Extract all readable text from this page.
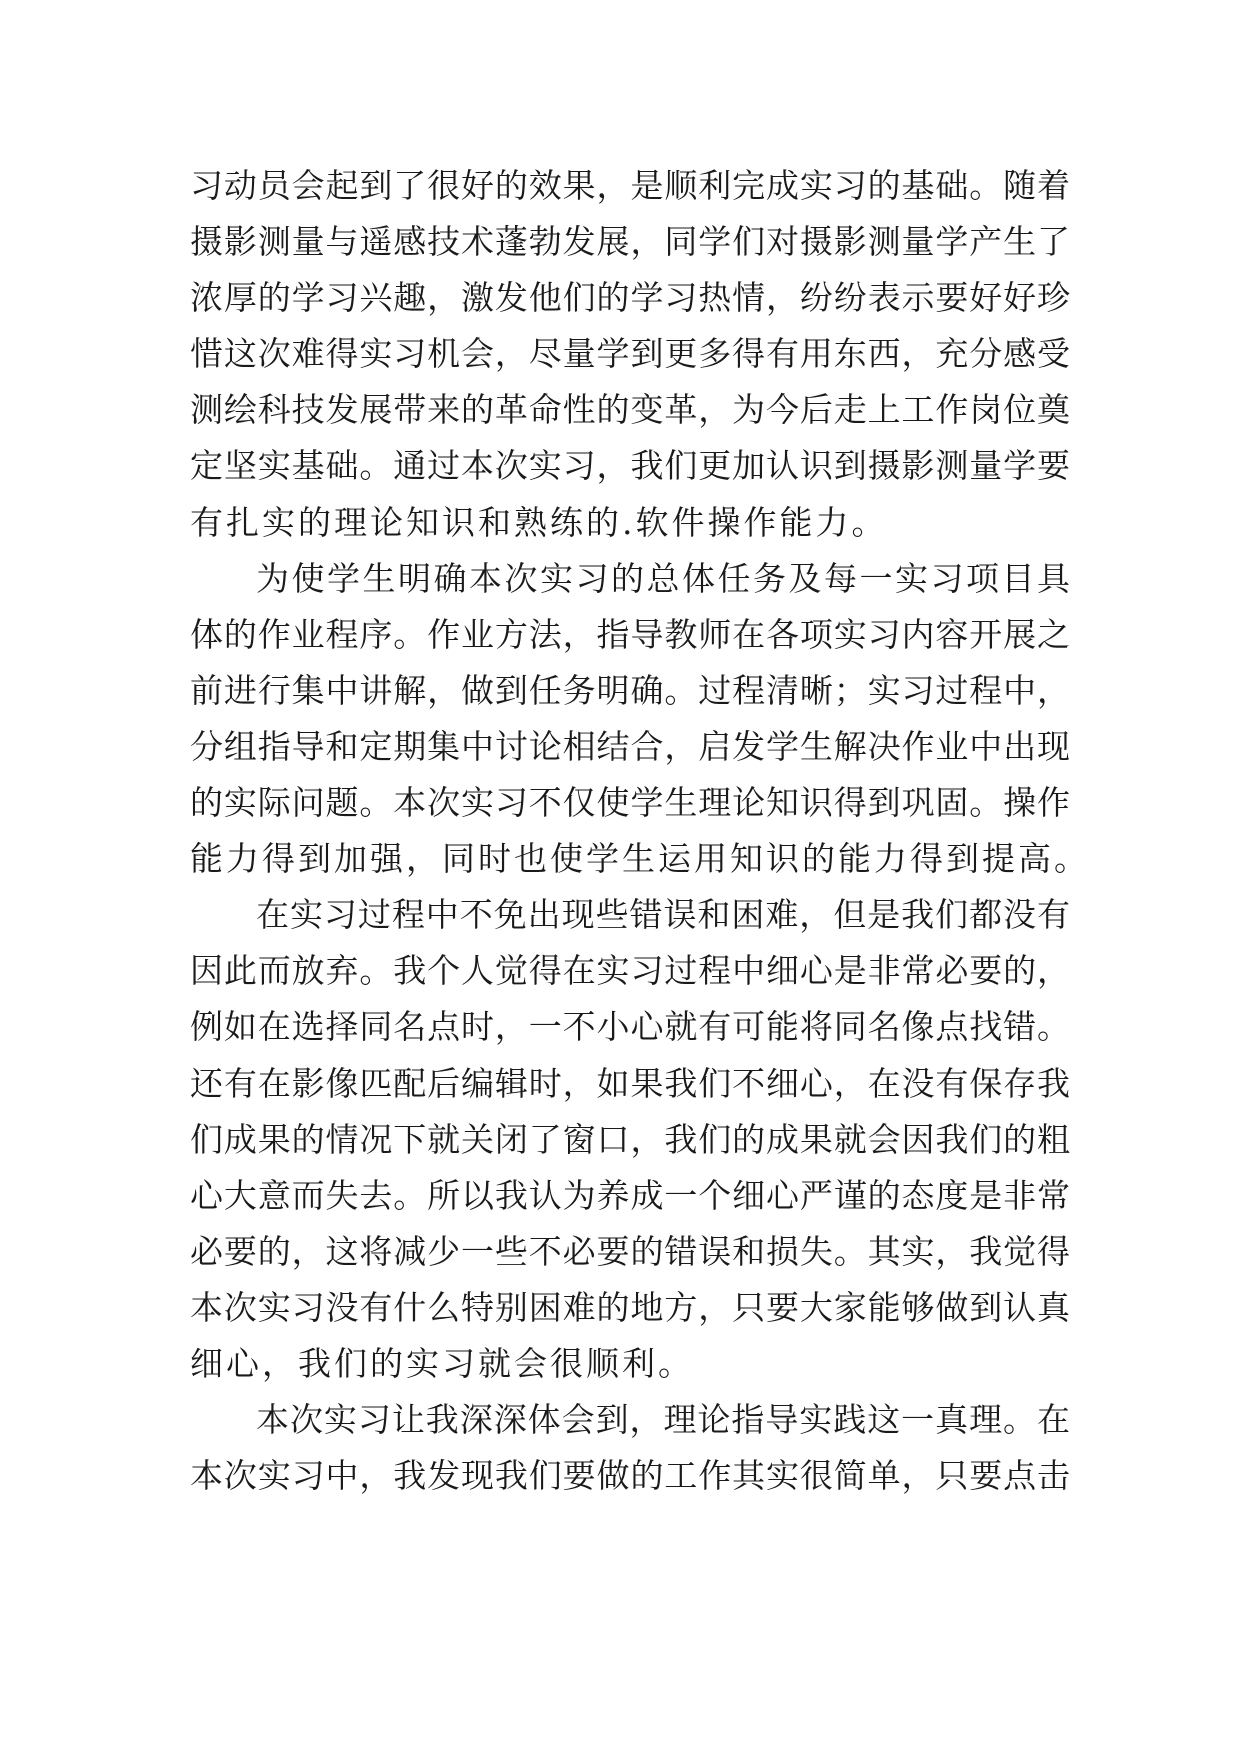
习动员会起到了很好的效果，是顺利完成实习的基础。随着
摄影测量与遥感技术蓬勃发展，同学们对摄影测量学产生了
浓厚的学习兴趣，激发他们的学习热情，纷纷表示要好好珍
惜这次难得实习机会，尽量学到更多得有用东西，充分感受
测绘科技发展带来的革命性的变革，为今后走上工作岗位奠
定坚实基础。通过本次实习，我们更加认识到摄影测量学要
有扎实的理论知识和熟练的.软件操作能力。
为使学生明确本次实习的总体任务及每一实习项目具
体的作业程序。作业方法，指导教师在各项实习内容开展之
前进行集中讲解，做到任务明确。过程清晰；实习过程中，
分组指导和定期集中讨论相结合，启发学生解决作业中出现
的实际问题。本次实习不仅使学生理论知识得到巩固。操作
能力得到加强，同时也使学生运用知识的能力得到提高。
在实习过程中不免出现些错误和困难，但是我们都没有
因此而放弃。我个人觉得在实习过程中细心是非常必要的，
例如在选择同名点时，一不小心就有可能将同名像点找错。
还有在影像匹配后编辑时，如果我们不细心，在没有保存我
们成果的情况下就关闭了窗口，我们的成果就会因我们的粗
心大意而失去。所以我认为养成一个细心严谨的态度是非常
必要的，这将减少一些不必要的错误和损失。其实，我觉得
本次实习没有什么特别困难的地方，只要大家能够做到认真
细心，我们的实习就会很顺利。
本次实习让我深深体会到，理论指导实践这一真理。在
本次实习中，我发现我们要做的工作其实很简单，只要点击
